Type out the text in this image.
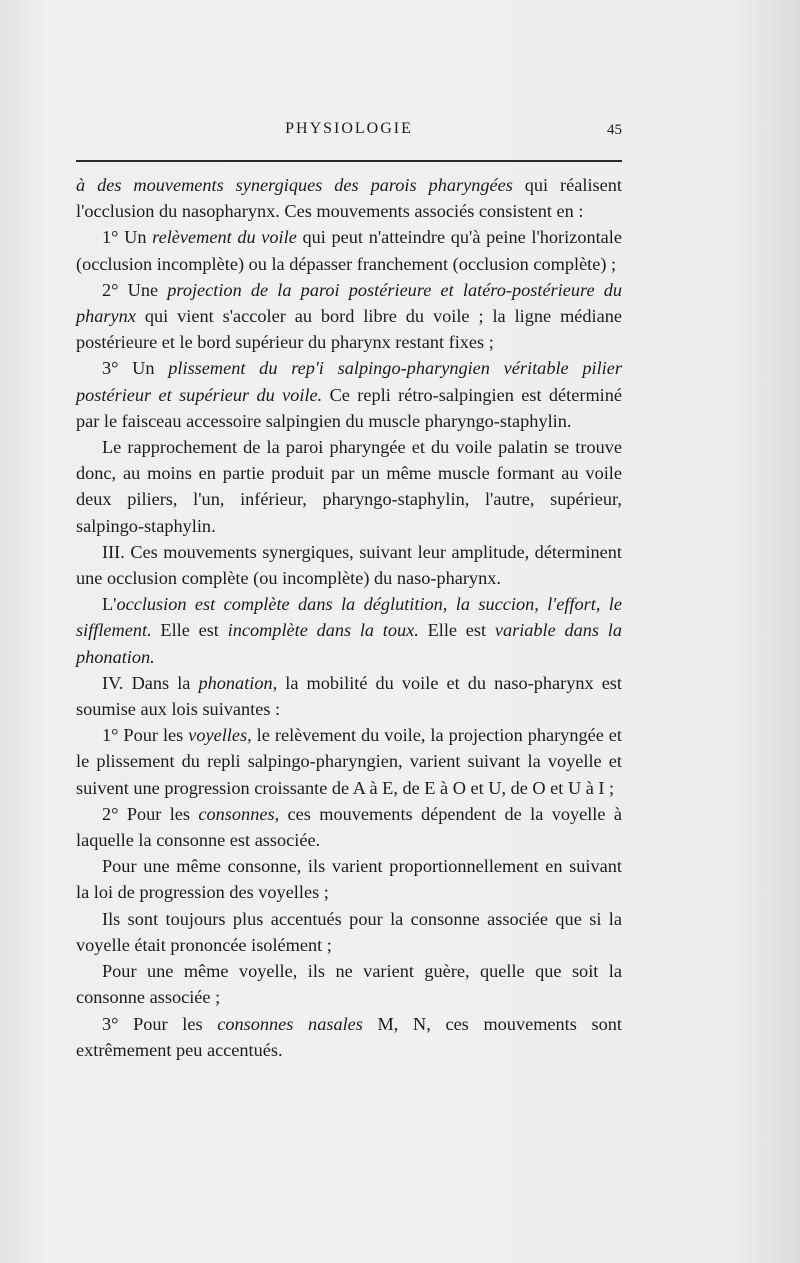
PHYSIOLOGIE	45

à des mouvements synergiques des parois pharyngées qui réalisent l'occlusion du nasopharynx. Ces mouvements associés consistent en :

1° Un relèvement du voile qui peut n'atteindre qu'à peine l'horizontale (occlusion incomplète) ou la dépasser franchement (occlusion complète) ;

2° Une projection de la paroi postérieure et latéro-postérieure du pharynx qui vient s'accoler au bord libre du voile ; la ligne médiane postérieure et le bord supérieur du pharynx restant fixes ;

3° Un plissement du rep'i salpingo-pharyngien véritable pilier postérieur et supérieur du voile. Ce repli rétro-salpingien est déterminé par le faisceau accessoire salpingien du muscle pharyngo-staphylin.

Le rapprochement de la paroi pharyngée et du voile palatin se trouve donc, au moins en partie produit par un même muscle formant au voile deux piliers, l'un, inférieur, pharyngo-staphylin, l'autre, supérieur, salpingo-staphylin.

III. Ces mouvements synergiques, suivant leur amplitude, déterminent une occlusion complète (ou incomplète) du naso-pharynx.

L'occlusion est complète dans la déglutition, la succion, l'effort, le sifflement. Elle est incomplète dans la toux. Elle est variable dans la phonation.

IV. Dans la phonation, la mobilité du voile et du naso-pharynx est soumise aux lois suivantes :

1° Pour les voyelles, le relèvement du voile, la projection pharyngée et le plissement du repli salpingo-pharyngien, varient suivant la voyelle et suivent une progression croissante de A à E, de E à O et U, de O et U à I ;

2° Pour les consonnes, ces mouvements dépendent de la voyelle à laquelle la consonne est associée.

Pour une même consonne, ils varient proportionnellement en suivant la loi de progression des voyelles ;

Ils sont toujours plus accentués pour la consonne associée que si la voyelle était prononcée isolément ;

Pour une même voyelle, ils ne varient guère, quelle que soit la consonne associée ;

3° Pour les consonnes nasales M, N, ces mouvements sont extrêmement peu accentués.
